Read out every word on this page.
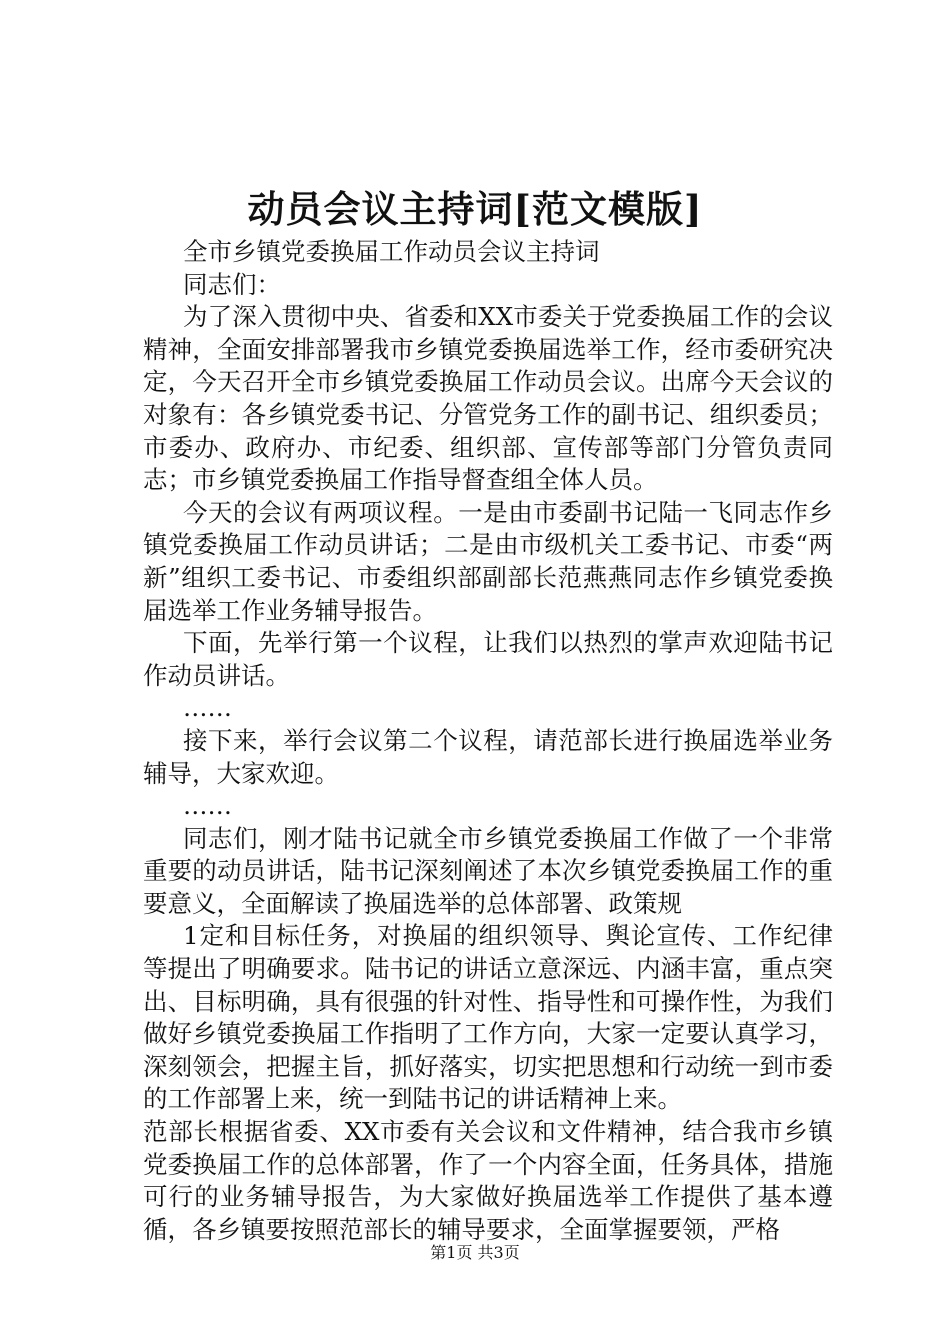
动员会议主持词[范文模版]

全市乡镇党委换届工作动员会议主持词

同志们：

为了深入贯彻中央、省委和XX市委关于党委换届工作的会议精神，全面安排部署我市乡镇党委换届选举工作，经市委研究决定，今天召开全市乡镇党委换届工作动员会议。出席今天会议的对象有：各乡镇党委书记、分管党务工作的副书记、组织委员；市委办、政府办、市纪委、组织部、宣传部等部门分管负责同志；市乡镇党委换届工作指导督查组全体人员。

今天的会议有两项议程。一是由市委副书记陆一飞同志作乡镇党委换届工作动员讲话；二是由市级机关工委书记、市委“两新”组织工委书记、市委组织部副部长范燕燕同志作乡镇党委换届选举工作业务辅导报告。

下面，先举行第一个议程，让我们以热烈的掌声欢迎陆书记作动员讲话。

……

接下来，举行会议第二个议程，请范部长进行换届选举业务辅导，大家欢迎。

……

同志们，刚才陆书记就全市乡镇党委换届工作做了一个非常重要的动员讲话，陆书记深刻阐述了本次乡镇党委换届工作的重要意义，全面解读了换届选举的总体部署、政策规

1定和目标任务，对换届的组织领导、舆论宣传、工作纪律等提出了明确要求。陆书记的讲话立意深远、内涵丰富，重点突出、目标明确，具有很强的针对性、指导性和可操作性，为我们做好乡镇党委换届工作指明了工作方向，大家一定要认真学习，深刻领会，把握主旨，抓好落实，切实把思想和行动统一到市委的工作部署上来，统一到陆书记的讲话精神上来。

范部长根据省委、XX市委有关会议和文件精神，结合我市乡镇党委换届工作的总体部署，作了一个内容全面，任务具体，措施可行的业务辅导报告，为大家做好换届选举工作提供了基本遵循，各乡镇要按照范部长的辅导要求，全面掌握要领，严格

第1页 共3页
